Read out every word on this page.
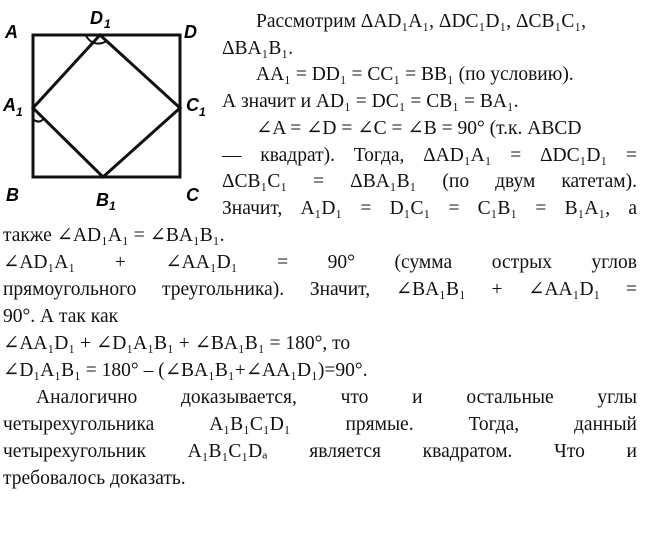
A
D 1	D
A 1	C 1
B	B 1
C
Рассмотрим ΔAD₁A₁, ΔDC₁D₁, ΔCB₁C₁,
ΔBA₁B₁.
AA₁ = DD₁ = CC₁ = BB₁ (по условию).
А значит и AD₁ = DC₁ = CB₁ = BA₁.
∠A = ∠D = ∠C = ∠B = 90° (т.к. ABCD
— квадрат). Тогда, ΔAD₁A₁ = ΔDC₁D₁ =
ΔCB₁C₁ = ΔBA₁B₁ (по двум катетам).
Значит, A₁D₁ = D₁C₁ = C₁B₁ = B₁A₁, а
также ∠AD₁A₁ = ∠BA₁B₁.
∠AD₁A₁ + ∠AA₁D₁ = 90° (сумма острых углов
прямоугольного треугольника). Значит, ∠BA₁B₁ + ∠AA₁D₁ =
90°. А так как
∠AA₁D₁ + ∠D₁A₁B₁ + ∠BA₁B₁ = 180°, то
∠D₁A₁B₁ = 180° – (∠BA₁B₁+∠AA₁D₁)=90°.
Аналогично доказывается, что и остальные углы
четырехугольника A₁B₁C₁D₁ прямые. Тогда, данный
четырехугольник A₁B₁C₁Dₐ является квадратом. Что и
требовалось доказать.
